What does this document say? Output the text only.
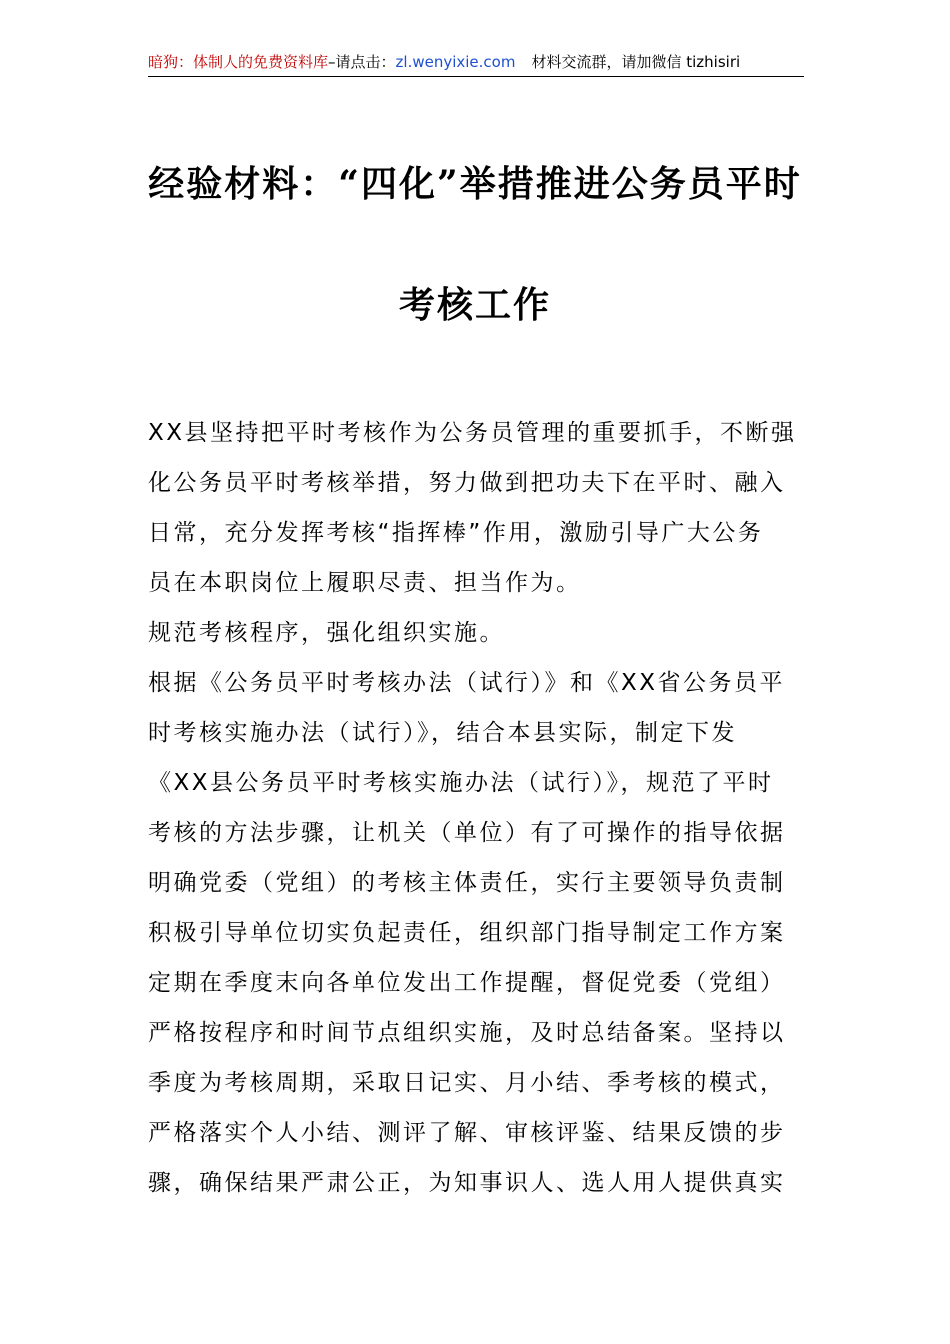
暗狗：体制人的免费资料库–请点击：zl.wenyixie.com 材料交流群，请加微信 tizhisiri
经验材料：“四化”举措推进公务员平时
考核工作
XX县坚持把平时考核作为公务员管理的重要抓手，不断强
化公务员平时考核举措，努力做到把功夫下在平时、融入
日常，充分发挥考核“指挥棒”作用，激励引导广大公务
员在本职岗位上履职尽责、担当作为。
规范考核程序，强化组织实施。
根据《公务员平时考核办法（试行）》和《XX省公务员平
时考核实施办法（试行）》，结合本县实际，制定下发
《XX县公务员平时考核实施办法（试行）》，规范了平时
考核的方法步骤，让机关（单位）有了可操作的指导依据
明确党委（党组）的考核主体责任，实行主要领导负责制
积极引导单位切实负起责任，组织部门指导制定工作方案
定期在季度末向各单位发出工作提醒，督促党委（党组）
严格按程序和时间节点组织实施，及时总结备案。坚持以
季度为考核周期，采取日记实、月小结、季考核的模式，
严格落实个人小结、测评了解、审核评鉴、结果反馈的步
骤，确保结果严肃公正，为知事识人、选人用人提供真实
